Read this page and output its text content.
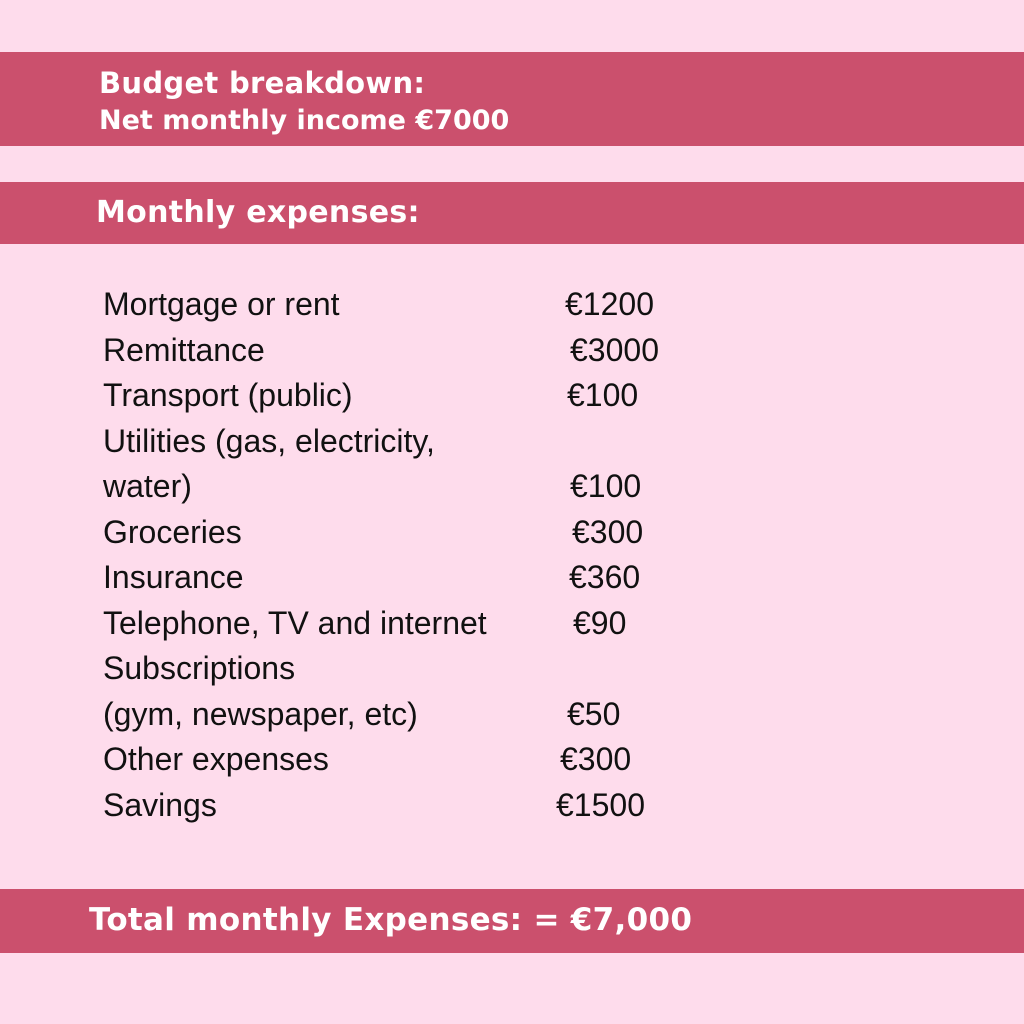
Budget breakdown:
Net monthly income €7000
Monthly expenses:
Mortgage or rent	€1200
Remittance	€3000
Transport (public)	€100
Utilities (gas, electricity,
water)	€100
Groceries	€300
Insurance	€360
Telephone, TV and internet	€90
Subscriptions
(gym, newspaper, etc)	€50
Other expenses	€300
Savings	€1500
Total monthly Expenses: = €7,000
